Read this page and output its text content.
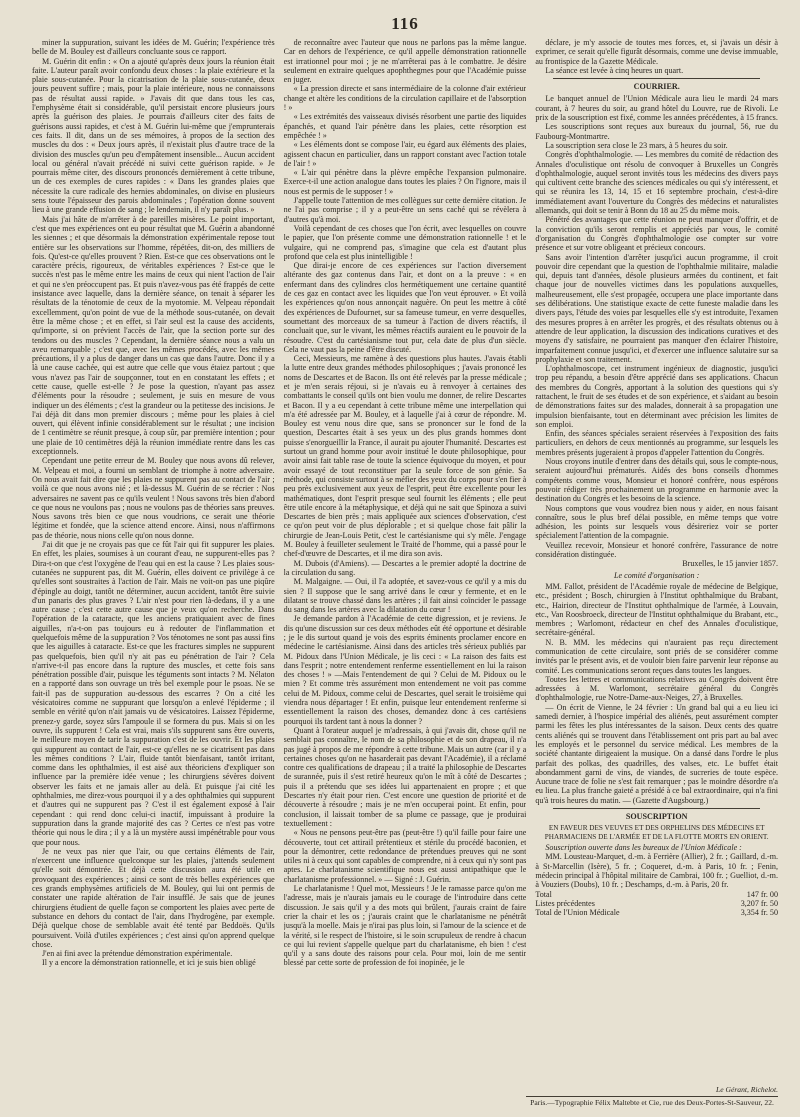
116

miner la suppuration, suivant les idées de M. Guérin; l'expérience très belle de M. Bouley est d'ailleurs concluante sous ce rapport.

M. Guérin dit enfin : « On a ajouté qu'après deux jours la réunion était faite. L'auteur paraît avoir confondu deux choses : la plaie extérieure et la plaie sous-cutanée. Pour la cicatrisation de la plaie sous-cutanée, deux jours peuvent suffire ; mais, pour la plaie intérieure, nous ne connaissons pas de résultat aussi rapide. » J'avais dit que dans tous les cas, l'emphysème était si considérable, qu'il persistait encore plusieurs jours après la guérison des plaies. Je pourrais d'ailleurs citer des faits de guérisons aussi rapides, et c'est à M. Guérin lui-même que j'emprunterais ces faits. Il dit, dans un de ses mémoires, à propos de la section des muscles du dos : « Deux jours après, il n'existait plus d'autre trace de la division des muscles qu'un peu d'empâtement insensible... Aucun accident local ou général n'avait précédé ni suivi cette guérison rapide. » Je pourrais même citer, des discours prononcés dernièrement à cette tribune, un de ces exemples de cures rapides : « Dans les grandes plaies que nécessite la cure radicale des hernies abdominales, on divise en plusieurs sens toute l'épaisseur des parois abdominales ; l'opération donne souvent lieu à une grande effusion de sang ; le lendemain, il n'y paraît plus. »

Mais j'ai hâte de m'arrêter à de pareilles misères. Le point important, c'est que mes expériences ont eu pour résultat que M. Guérin a abandonné les siennes ; et que désormais la démonstration expérimentale repose tout entière sur les observations sur l'homme, répétées, dit-on, des milliers de fois. Qu'est-ce qu'elles prouvent ? Rien. Est-ce que ces observations ont le caractère précis, rigoureux, de véritables expériences ? Est-ce que le succès n'est pas le même entre les mains de ceux qui nient l'action de l'air et qui ne s'en préoccupent pas. Et puis n'avez-vous pas été frappés de cette insistance avec laquelle, dans la dernière séance, on tenait à séparer les résultats de la ténotomie de ceux de la myotomie. M. Velpeau répondait excellemment, qu'on point de vue de la méthode sous-cutanée, on devait être la même chose ; et en effet, si l'air seul est la cause des accidents, qu'importe, si on prévient l'accès de l'air, que la section porte sur des tendons ou des muscles ? Cependant, la dernière séance nous a valu un aveu remarquable ; c'est que, avec les mêmes procédés, avec les mêmes précautions, il y a plus de danger dans un cas que dans l'autre. Donc il y a là une cause cachée, qui est autre que celle que vous étaiez partout ; que vous n'avez pas l'air de soupçonner, tout en en constatant les effets ; et cette cause, quelle est-elle ? Je pose la question, n'ayant pas assez d'éléments pour la résoudre ; seulement, je suis en mesure de vous indiquer un des éléments ; c'est la grandeur ou la petitesse des incisions. Je l'ai déjà dit dans mon premier discours ; même pour les plaies à ciel ouvert, qui élèvent infinie considérablement sur le résultat ; une incision de 1 centimètre se réunit presque, à coup sûr, par première intention ; pour une plaie de 10 centimètres déjà la réunion immédiate rentre dans les cas exceptionnels.

Cependant une petite erreur de M. Bouley que nous avons dû relever, M. Velpeau et moi, a fourni un semblant de triomphe à notre adversaire. On nous avait fait dire que les plaies ne suppurent pas au contact de l'air ; voilà ce que nous avons nié ; et là-dessus M. Guérin de se récrier : Nos adversaires ne savent pas ce qu'ils veulent ! Nous savons très bien d'abord ce que nous ne voulons pas ; nous ne voulons pas de théories sans preuves. Nous savons très bien ce que nous voudrions, ce serait une théorie légitime et fondée, que la science attend encore. Ainsi, nous n'affirmons pas de théorie, nous nions celle qu'on nous donne.

J'ai dit que je ne croyais pas que ce fût l'air qui fit suppurer les plaies. En effet, les plaies, soumises à un courant d'eau, ne suppurent-elles pas ? Dira-t-on que c'est l'oxygène de l'eau qui en est la cause ? Les plaies sous-cutanées ne suppurent pas, dit M. Guérin, elles doivent ce privilège à ce qu'elles sont soustraites à l'action de l'air. Mais ne voit-on pas une piqûre d'épingle au doigt, tantôt ne déterminer, aucun accident, tantôt être suivie d'un panaris des plus graves ? L'air n'est pour rien là-dedans, il y a une autre cause ; c'est cette autre cause que je veux qu'on recherche. Dans l'opération de la cataracte, que les anciens pratiquaient avec de fines aiguilles, n'a-t-on pas toujours eu à redouter de l'inflammation et quelquefois même de la suppuration ? Vos ténotomes ne sont pas aussi fins que les aiguilles à cataracte. Est-ce que les fractures simples ne suppurent pas quelquefois, bien qu'il n'y ait pas eu pénétration de l'air ? Cela n'arrive-t-il pas encore dans la rupture des muscles, et cette fois sans pénétration possible d'air, puisque les téguments sont intacts ? M. Nélaton en a rapporté dans son ouvrage un très bel exemple pour le psoas. Ne se fait-il pas de suppuration au-dessous des escarres ? On a cité les vésicatoires comme ne suppurant que lorsqu'on a enlevé l'épiderme ; il semble en vérité qu'on n'ait jamais vu de vésicatoires. Laissez l'épiderme, prenez-y garde, soyez sûrs l'ampoule il se formera du pus. Mais si on les ouvre, ils suppurent ! Cela est vrai, mais s'ils suppurent sans être ouverts, le meilleure moyen de tarir la suppuration c'est de les ouvrir. Et les plaies qui suppurent au contact de l'air, est-ce qu'elles ne se cicatrisent pas dans les mêmes conditions ? L'air, fluide tantôt bienfaisant, tantôt irritant, comme dans les ophthalmies, il est aisé aux théoriciens d'expliquer son influence par la première idée venue ; les chirurgiens sévères doivent observer les faits et ne jamais aller au delà. Et puisque j'ai cité les ophthalmies, me direz-vous pourquoi il y a des ophthalmies qui suppurent et d'autres qui ne suppurent pas ? C'est il est également exposé à l'air cependant : qui rend donc celui-ci inactif, impuissant à produire la suppuration dans la grande majorité des cas ? Certes ce n'est pas votre théorie qui nous le dira ; il y a là un mystère aussi impénétrable pour vous que pour nous.

Je ne veux pas nier que l'air, ou que certains éléments de l'air, n'exercent une influence quelconque sur les plaies, j'attends seulement qu'elle soit démontrée. Et déjà cette discussion aura été utile en provoquant des expériences ; ainsi ce sont de très belles expériences que ces grands emphysèmes artificiels de M. Bouley, qui lui ont permis de constater une rapide altération de l'air insufflé. Je sais que de jeunes chirurgiens étudient de quelle façon se comportent les plaies avec perte de substance en dehors du contact de l'air, dans l'hydrogène, par exemple. Déjà quelque chose de semblable avait été tenté par Beddoës. Qu'ils poursuivent. Voilà d'utiles expériences ; c'est ainsi qu'on apprend quelque chose.

J'en ai fini avec la prétendue démonstration expérimentale.

Il y a encore la démonstration rationnelle, et ici je suis bien obligé

de reconnaître avec l'auteur que nous ne parlons pas la même langue. Car en dehors de l'expérience, ce qu'il appelle démonstration rationnelle est irrationnel pour moi ; je ne m'arrêterai pas à le combattre. Je désire seulement en extraire quelques apophthegmes pour que l'Académie puisse en juger.

« La pression directe et sans intermédiaire de la colonne d'air extérieur change et altère les conditions de la circulation capillaire et de l'absorption ! »

« Les extrémités des vaisseaux divisés résorbent une partie des liquides épanchés, et quand l'air pénètre dans les plaies, cette résorption est empêchée ! »

« Les éléments dont se compose l'air, eu égard aux éléments des plaies, agissent chacun en particulier, dans un rapport constant avec l'action totale de l'air ! »

« L'air qui pénètre dans la plèvre empêche l'expansion pulmonaire. Exerce-t-il une action analogue dans toutes les plaies ? On l'ignore, mais il nous est permis de le supposer ! »

J'appelle toute l'attention de mes collègues sur cette dernière citation. Je ne l'ai pas comprise ; il y a peut-être un sens caché qui se révèlera à d'autres qu'à moi.

Voilà cependant de ces choses que l'on écrit, avec lesquelles on couvre le papier, que l'on présente comme une démonstration rationnelle ! et le vulgaire, qui ne comprend pas, s'imagine que cela est d'autant plus profond que cela est plus inintelligible !

Que dirai-je encore de ces expériences sur l'action diversement altérante des gaz contenus dans l'air, et dont on a la preuve : « en enfermant dans des cylindres clos hermétiquement une certaine quantité de ces gaz en contact avec les liquides que l'on veut éprouver. » Et voilà les expériences qu'on nous annonçait naguère. On peut les mettre à côté des expériences de Dufournet, sur sa fameuse tumeur, en verre desquelles, soumettant des morceaux de sa tumeur à l'action de divers réactifs, il concluait que, sur le vivant, les mêmes réactifs auraient eu le pouvoir de la résoudre. C'est du cartésianisme tout pur, cela date de plus d'un siècle. Cela ne vaut pas la peine d'être discuté.

Ceci, Messieurs, me ramène à des questions plus hautes. J'avais établi la lutte entre deux grandes méthodes philosophiques ; j'avais prononcé les noms de Descartes et de Bacon. Ils ont été relevés par la presse médicale ; et je m'en serais réjoui, si je n'avais eu à renvoyer à certaines des combattants le conseil qu'ils ont bien voulu me donner, de relire Descartes et Bacon. Il y a eu cependant à cette tribune même une interpellation qui m'a été adressée par M. Bouley, et à laquelle j'ai à cœur de répondre. M. Bouley est venu nous dire que, sans se prononcer sur le fond de la question, Descartes était à ses yeux un des plus grands hommes dont puisse s'enorgueillir la France, il aurait pu ajouter l'humanité. Descartes est surtout un grand homme pour avoir institué le doute philosophique, pour avoir ainsi fait table rase de toute la science équivoque du moyen, et pour avoir essayé de tout reconstituer par la seule force de son génie. Sa méthode, qui consiste surtout à se méfier des yeux du corps pour s'en fier à peu près exclusivement aux yeux de l'esprit, peut être excellente pour les mathématiques, dont l'esprit presque seul fournit les éléments ; elle peut être utile encore à la métaphysique, et déjà qui ne sait que Spinoza a suivi Descartes de bien près ; mais appliquée aux sciences d'observation, c'est ce qu'on peut voir de plus déplorable ; et si quelque chose fait pâlir la chirurgie de Jean-Louis Petit, c'est le cartésianisme qui s'y mêle. J'engage M. Bouley à feuilleter seulement le Traité de l'homme, qui a passé pour le chef-d'œuvre de Descartes, et il me dira son avis.

M. Dubois (d'Amiens). — Descartes a le premier adopté la doctrine de la circulation du sang.

M. Malgaigne. — Oui, il l'a adoptée, et savez-vous ce qu'il y a mis du sien ? Il suppose que le sang arrivé dans le cœur y fermente, et en le dilatant se trouve chassé dans les artères ; il fait ainsi coïncider le passage du sang dans les artères avec la dilatation du cœur !

Je demande pardon à l'Académie de cette digression, et je reviens. Je dis qu'une discussion sur ces deux méthodes eût été opportune et désirable ; je le dis surtout quand je vois des esprits éminents proclamer encore en médecine le cartésianisme. Ainsi dans des articles très sérieux publiés par M. Pidoux dans l'Union Médicale, je lis ceci : « La raison des faits est dans l'esprit ; notre entendement renferme essentiellement en lui la raison des choses ! » —Mais l'entendement de qui ? Celui de M. Pidoux ou le mien ? Et comme très assurément mon entendement ne voit pas comme celui de M. Pidoux, comme celui de Descartes, quel serait le troisième qui viendra nous départager ! Et enfin, puisque leur entendement renferme si essentiellement la raison des choses, demandez donc à ces cartésiens pourquoi ils tardent tant à nous la donner ?

Quant à l'orateur auquel je m'adressais, à qui j'avais dit, chose qu'il ne semblait pas connaître, le nom de sa philosophie et de son drapeau, il n'a pas jugé à propos de me répondre à cette tribune. Mais un autre (car il y a certaines choses qu'on ne hasarderait pas devant l'Académie), il a réclamé contre ces qualifications de drapeau ; il a traité la philosophie de Descartes de surannée, puis il s'est retiré heureux qu'on le mît à côté de Descartes ; puis il a prétendu que ses idées lui appartenaient en propre ; et que Descartes n'y était pour rien. C'est encore une question de priorité et de découverte à résoudre ; mais je ne m'en occuperai point. Et enfin, pour conclusion, il laissait tomber de sa plume ce passage, que je produirai textuellement :

« Nous ne pensons peut-être pas (peut-être !) qu'il faille pour faire une découverte, tout cet attirail prétentieux et stérile du procédé baconien, et pour la démontrer, cette redondance de prétendues preuves qui ne sont utiles ni à ceux qui sont capables de comprendre, ni à ceux qui n'y sont pas aptes. Le charlatanisme scientifique nous est aussi antipathique que le charlatanisme professionnel. » — Signé : J. Guérin.

Le charlatanisme ! Quel mot, Messieurs ! Je le ramasse parce qu'on me l'adresse, mais je n'aurais jamais eu le courage de l'introduire dans cette discussion. Je sais qu'il y a des mots qui brûlent, j'aurais craint de faire crier la chair et les os ; j'aurais craint que le charlatanisme ne pénétrât jusqu'à la moelle. Mais je n'irai pas plus loin, si l'amour de la science et de la vérité, si le respect de l'histoire, si le soin scrupuleux de rendre à chacun ce qui lui revient s'appelle quelque part du charlatanisme, eh bien ! c'est qu'il y a sans doute des raisons pour cela. Pour moi, loin de me sentir blessé par cette sorte de profession de foi inopinée, je le

déclare, je m'y associe de toutes mes forces, et, si j'avais un désir à exprimer, ce serait qu'elle figurât désormais, comme une devise immuable, au frontispice de la Gazette Médicale.

La séance est levée à cinq heures un quart.

COURRIER.

Le banquet annuel de l'Union Médicale aura lieu le mardi 24 mars courant, à 7 heures du soir, au grand hôtel du Louvre, rue de Rivoli. Le prix de la souscription est fixé, comme les années précédentes, à 15 francs.

Les souscriptions sont reçues aux bureaux du journal, 56, rue du Faubourg-Montmartre.

La souscription sera close le 23 mars, à 5 heures du soir.

Congrès d'ophthalmologie. — Les membres du comité de rédaction des Annales d'oculistique ont résolu de convoquer à Bruxelles un Congrès d'ophthalmologie, auquel seront invités tous les médecins des divers pays qui cultivent cette branche des sciences médicales ou qui s'y intéressent, et qui se réunira les 13, 14, 15 et 16 septembre prochain, c'est-à-dire immédiatement avant l'ouverture du Congrès des médecins et naturalistes allemands, qui doit se tenir à Bonn du 18 au 25 du même mois.

Pénétré des avantages que cette réunion ne peut manquer d'offrir, et de la conviction qu'ils seront remplis et appréciés par vous, le comité d'organisation du Congrès d'ophthalmologie ose compter sur votre présence et sur votre obligeant et précieux concours.

Sans avoir l'intention d'arrêter jusqu'ici aucun programme, il croit pouvoir dire cependant que la question de l'ophthalmie militaire, maladie qui, depuis tant d'années, désole plusieurs armées du continent, et fait chaque jour de nouvelles victimes dans les populations auxquelles, malheureusement, elle s'est propagée, occupera une place importante dans ses délibérations. Une statistique exacte de cette funeste maladie dans les divers pays, l'étude des voies par lesquelles elle s'y est introduite, l'examen des mesures propres à en arrêter les progrès, et des résultats obtenus ou à attendre de leur application, la discussion des indications curatives et des moyens d'y satisfaire, ne pourraient pas manquer d'en éclairer l'histoire, imparfaitement connue jusqu'ici, et d'exercer une influence salutaire sur sa prophylaxie et son traitement.

L'ophthalmoscope, cet instrument ingénieux de diagnostic, jusqu'ici trop peu répandu, a besoin d'être apprécié dans ses applications. Chacun des membres du Congrès, apportant à la solution des questions qui s'y rattachent, le fruit de ses études et de son expérience, et s'aidant au besoin de démonstrations faites sur des malades, donnerait à sa propagation une impulsion bienfaisante, tout en déterminant avec précision les limites de son emploi.

Enfin, des séances spéciales seraient réservées à l'exposition des faits particuliers, en dehors de ceux mentionnés au programme, sur lesquels les membres présents jugeraient à propos d'appeler l'attention du Congrès.

Nous croyons inutile d'entrer dans des détails qui, sous le compte-nous, seraient aujourd'hui prématurés. Aidés des bons conseils d'hommes compétents comme vous, Monsieur et honoré confrère, nous espérons pouvoir rédiger très prochainement un programme en harmonie avec la destination du Congrès et les besoins de la science.

Nous comptons que vous voudrez bien nous y aider, en nous faisant connaître, sous le plus bref délai possible, en même temps que votre adhésion, les points sur lesquels vous désireriez voir se porter spécialement l'attention de la compagnie.

Veuillez recevoir, Monsieur et honoré confrère, l'assurance de notre considération distinguée.

Bruxelles, le 15 janvier 1857.

Le comité d'organisation :

MM. Fallot, président de l'Académie royale de médecine de Belgique, etc., président ; Bosch, chirurgien à l'Institut ophthalmique du Brabant, etc., Hairion, directeur de l'Institut ophthalmique de l'armée, à Louvain, etc., Van Roosbroeck, directeur de l'Institut ophthalmique du Brabant, etc., membres ; Warlomont, rédacteur en chef des Annales d'oculistique, secrétaire-général.

N. B. MM. les médecins qui n'auraient pas reçu directement communication de cette circulaire, sont priés de se considérer comme invités par le présent avis, et de vouloir bien faire parvenir leur réponse au comité. Les communications seront reçues dans toutes les langues.

Toutes les lettres et communications relatives au Congrès doivent être adressées à M. Warlomont, secrétaire général du Congrès d'ophthalmologie, rue Notre-Dame-aux-Neiges, 27, à Bruxelles.

— On écrit de Vienne, le 24 février : Un grand bal qui a eu lieu ici samedi dernier, à l'hospice impérial des aliénés, peut assurément compter parmi les fêtes les plus intéressantes de la saison. Deux cents des quatre cents aliénés qui se trouvent dans l'établissement ont pris part au bal avec les employés et le personnel du service médical. Les membres de la société chantante dirigeaient la musique. On a dansé dans l'ordre le plus parfait des polkas, des quadrilles, des valses, etc. Le buffet était abondamment garni de vins, de viandes, de sucreries de toute espèce. Aucune trace de folie ne s'est fait remarquer ; pas le moindre désordre n'a eu lieu. La plus franche gaieté a présidé à ce bal extraordinaire, qui n'a fini qu'à trois heures du matin. — (Gazette d'Augsbourg.)

SOUSCRIPTION

EN FAVEUR DES VEUVES ET DES ORPHELINS DES MÉDECINS ET PHARMACIENS DE L'ARMÉE ET DE LA FLOTTE MORTS EN ORIENT.

Souscription ouverte dans les bureaux de l'Union Médicale :

MM. Lousteau-Marquet, d.-m. à Ferrière (Allier), 2 fr. ; Gaillard, d.-m. à St-Marcellin (Isère), 5 fr. ; Coqueret, d.-m. à Paris, 10 fr. ; Fenin, médecin principal à l'hôpital militaire de Cambrai, 100 fr. ; Guelliot, d.-m. à Vouziers (Doubs), 10 fr. ; Deschamps, d.-m. à Paris, 20 fr.

Total	147 fr. 00
Listes précédentes	3,207 fr. 50
Total de l'Union Médicale	3,354 fr. 50
Le Gérant, Richelot.
Paris.—Typographie Félix Maltebte et Cie, rue des Deux-Portes-St-Sauveur, 22.
